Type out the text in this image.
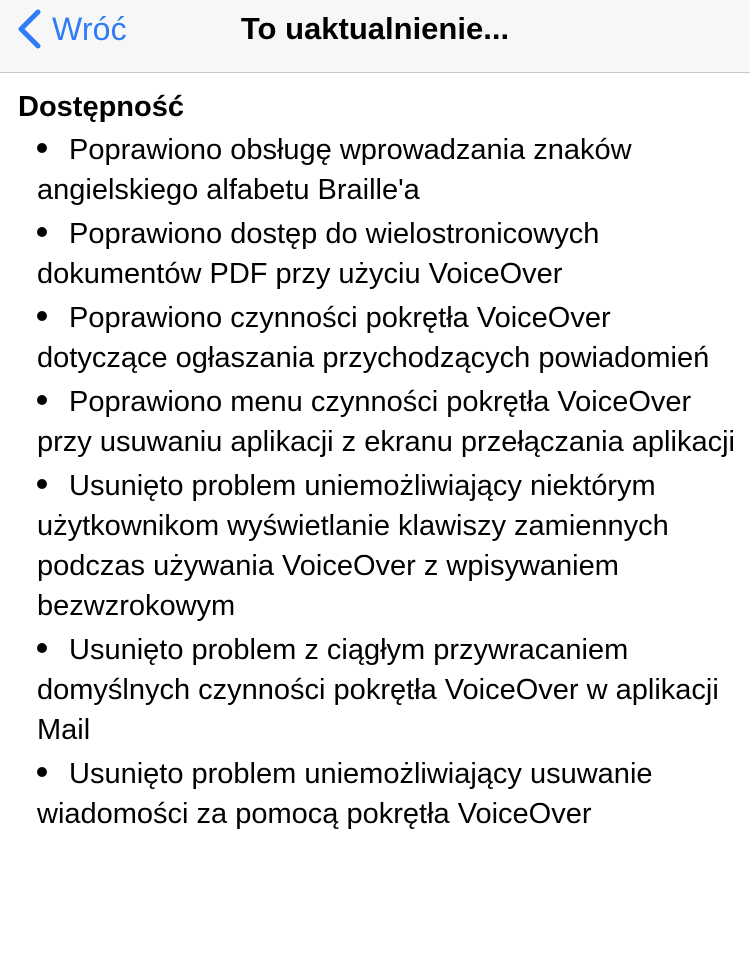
Wróć	To uaktualnienie...
Dostępność
Poprawiono obsługę wprowadzania znaków angielskiego alfabetu Braille'a
Poprawiono dostęp do wielostronicowych dokumentów PDF przy użyciu VoiceOver
Poprawiono czynności pokrętła VoiceOver dotyczące ogłaszania przychodzących powiadomień
Poprawiono menu czynności pokrętła VoiceOver przy usuwaniu aplikacji z ekranu przełączania aplikacji
Usunięto problem uniemożliwiający niektórym użytkownikom wyświetlanie klawiszy zamiennych podczas używania VoiceOver z wpisywaniem bezwzrokowym
Usunięto problem z ciągłym przywracaniem domyślnych czynności pokrętła VoiceOver w aplikacji Mail
Usunięto problem uniemożliwiający usuwanie wiadomości za pomocą pokrętła VoiceOver
